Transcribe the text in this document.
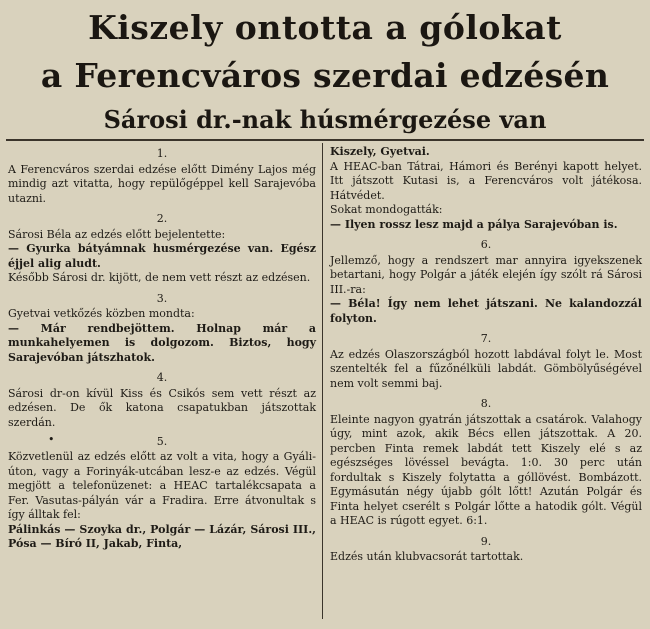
Kiszely ontotta a gólokat
a Ferencváros szerdai edzésén
Sárosi dr.-nak húsmérgezése van
1.

A Ferencváros szerdai edzése előtt Dimény Lajos még mindig azt vitatta, hogy repülőgéppel kell Sarajevóba utazni.

2.

Sárosi Béla az edzés előtt bejelentette:

— Gyurka bátyámnak husmérgezése van. Egész éjjel alig aludt.

Később Sárosi dr. kijött, de nem vett részt az edzésen.

3.

Gyetvai vetkőzés közben mondta:

— Már rendbejöttem. Holnap már a munkahelyemen is dolgozom. Biztos, hogy Sarajevóban játszhatok.

4.

Sárosi dr-on kívül Kiss és Csikós sem vett részt az edzésen. De ők katona csapatukban játszottak szerdán.

•	5.

Közvetlenül az edzés előtt az volt a vita, hogy a Gyáli-úton, vagy a Forinyák-utcában lesz-e az edzés. Végül megjött a telefonüzenet: a HEAC tartalékcsapata a Fer. Vasutas-pályán vár a Fradira. Erre átvonultak s így álltak fel:

Pálinkás — Szoyka dr., Polgár — Lázár, Sárosi III., Pósa — Bíró II, Jakab, Finta,

Kiszely, Gyetvai.

A HEAC-ban Tátrai, Hámori és Berényi kapott helyet. Itt játszott Kutasi is, a Ferencváros volt játékosa. Hátvédet.

Sokat mondogatták:

— Ilyen rossz lesz majd a pálya Sarajevóban is.

6.

Jellemző, hogy a rendszert mar annyira igyekszenek betartani, hogy Polgár a játék elején így szólt rá Sárosi III.-ra:

— Béla! Így nem lehet játszani. Ne kalandozzál folyton.

7.

Az edzés Olaszországból hozott labdával folyt le. Most szentelték fel a fűzőnélküli labdát. Gömbölyűségével nem volt semmi baj.

8.

Eleinte nagyon gyatrán játszottak a csatárok. Valahogy úgy, mint azok, akik Bécs ellen játszottak. A 20. percben Finta remek labdát tett Kiszely elé s az egészséges lövéssel bevágta. 1:0. 30 perc után fordultak s Kiszely folytatta a góllövést. Bombázott. Egymásután négy újabb gólt lőtt! Azután Polgár és Finta helyet cserélt s Polgár lőtte a hatodik gólt. Végül a HEAC is rúgott egyet. 6:1.

9.

Edzés után klubvacsorát tartottak.
